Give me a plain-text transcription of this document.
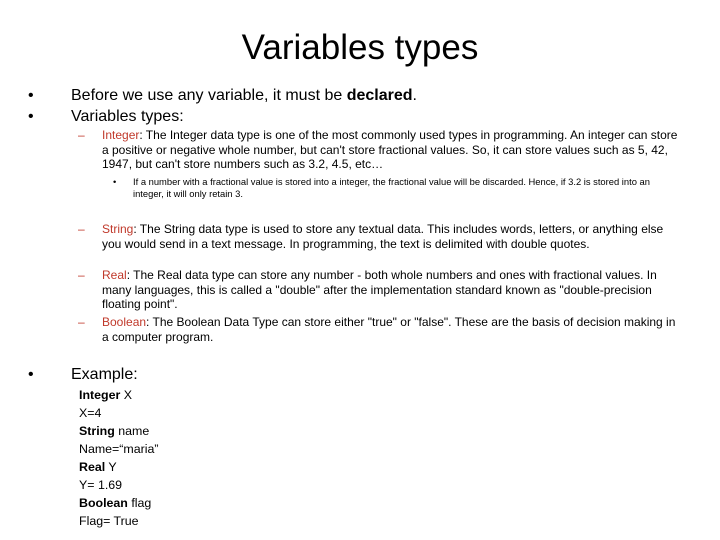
Variables types
• Before we use any variable, it must be declared.
• Variables types:
– Integer: The Integer data type is one of the most commonly used types in programming. An integer can store a positive or negative whole number, but can't store fractional values. So, it can store values such as 5, 42, 1947, but can't store numbers such as 3.2, 4.5, etc…
• If a number with a fractional value is stored into a integer, the fractional value will be discarded. Hence, if 3.2 is stored into an integer, it will only retain 3.
– String: The String data type is used to store any textual data. This includes words, letters, or anything else you would send in a text message. In programming, the text is delimited with double quotes.
– Real: The Real data type can store any number - both whole numbers and ones with fractional values. In many languages, this is called a "double" after the implementation standard known as "double-precision floating point".
– Boolean: The Boolean Data Type can store either "true" or "false". These are the basis of decision making in a computer program.
• Example:
Integer X
X=4
String name
Name=“maria”
Real Y
Y= 1.69
Boolean flag
Flag= True
